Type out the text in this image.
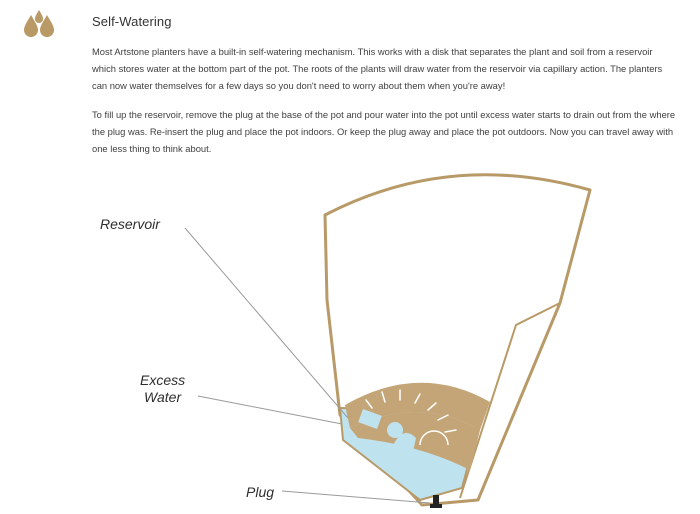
Self-Watering

Most Artstone planters have a built-in self-watering mechanism. This works with a disk that separates the plant and soil from a reservoir which stores water at the bottom part of the pot. The roots of the plants will draw water from the reservoir via capillary action. The planters can now water themselves for a few days so you don't need to worry about them when you're away!

To fill up the reservoir, remove the plug at the base of the pot and pour water into the pot until excess water starts to drain out from the where the plug was. Re-insert the plug and place the pot indoors. Or keep the plug away and place the pot outdoors. Now you can travel away with one less thing to think about.

Reservoir
Excess
Water
Plug
